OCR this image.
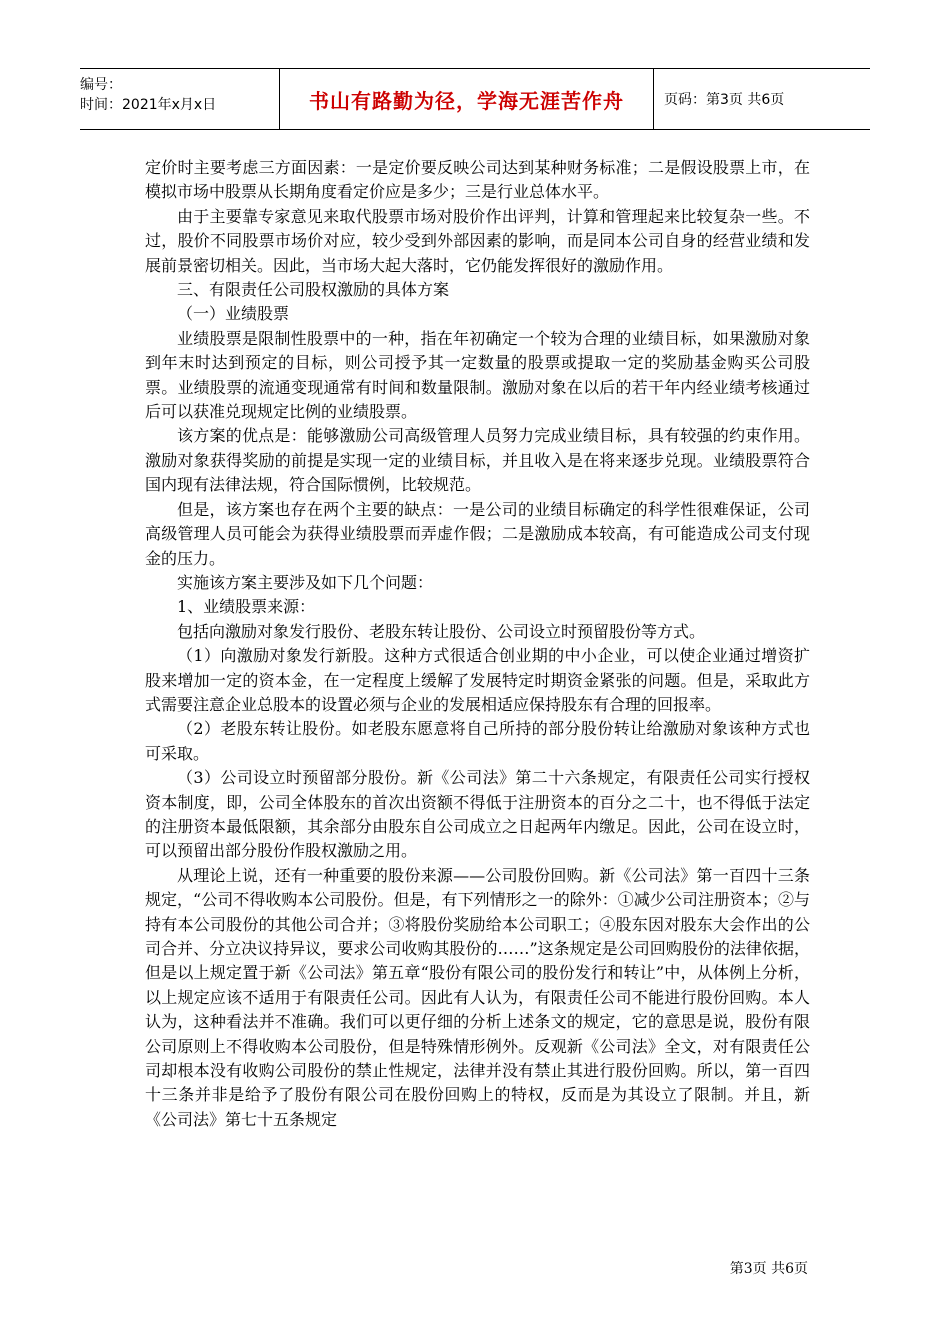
编号：
时间：2021年x月x日	书山有路勤为径，学海无涯苦作舟	页码：第3页 共6页

定价时主要考虑三方面因素：一是定价要反映公司达到某种财务标准；二是假设股票上市，在模拟市场中股票从长期角度看定价应是多少；三是行业总体水平。

由于主要靠专家意见来取代股票市场对股价作出评判，计算和管理起来比较复杂一些。不过，股价不同股票市场价对应，较少受到外部因素的影响，而是同本公司自身的经营业绩和发展前景密切相关。因此，当市场大起大落时，它仍能发挥很好的激励作用。

三、有限责任公司股权激励的具体方案

（一）业绩股票

业绩股票是限制性股票中的一种，指在年初确定一个较为合理的业绩目标，如果激励对象到年末时达到预定的目标，则公司授予其一定数量的股票或提取一定的奖励基金购买公司股票。业绩股票的流通变现通常有时间和数量限制。激励对象在以后的若干年内经业绩考核通过后可以获准兑现规定比例的业绩股票。

该方案的优点是：能够激励公司高级管理人员努力完成业绩目标，具有较强的约束作用。激励对象获得奖励的前提是实现一定的业绩目标，并且收入是在将来逐步兑现。业绩股票符合国内现有法律法规，符合国际惯例，比较规范。

但是，该方案也存在两个主要的缺点：一是公司的业绩目标确定的科学性很难保证，公司高级管理人员可能会为获得业绩股票而弄虚作假；二是激励成本较高，有可能造成公司支付现金的压力。

实施该方案主要涉及如下几个问题：

1、业绩股票来源：

包括向激励对象发行股份、老股东转让股份、公司设立时预留股份等方式。

（1）向激励对象发行新股。这种方式很适合创业期的中小企业，可以使企业通过增资扩股来增加一定的资本金，在一定程度上缓解了发展特定时期资金紧张的问题。但是，采取此方式需要注意企业总股本的设置必须与企业的发展相适应保持股东有合理的回报率。

（2）老股东转让股份。如老股东愿意将自己所持的部分股份转让给激励对象该种方式也可采取。

（3）公司设立时预留部分股份。新《公司法》第二十六条规定，有限责任公司实行授权资本制度，即，公司全体股东的首次出资额不得低于注册资本的百分之二十，也不得低于法定的注册资本最低限额，其余部分由股东自公司成立之日起两年内缴足。因此，公司在设立时，可以预留出部分股份作股权激励之用。

从理论上说，还有一种重要的股份来源——公司股份回购。新《公司法》第一百四十三条规定，“公司不得收购本公司股份。但是，有下列情形之一的除外：①减少公司注册资本；②与持有本公司股份的其他公司合并；③将股份奖励给本公司职工；④股东因对股东大会作出的公司合并、分立决议持异议，要求公司收购其股份的……”这条规定是公司回购股份的法律依据，但是以上规定置于新《公司法》第五章“股份有限公司的股份发行和转让”中，从体例上分析，以上规定应该不适用于有限责任公司。因此有人认为，有限责任公司不能进行股份回购。本人认为，这种看法并不准确。我们可以更仔细的分析上述条文的规定，它的意思是说，股份有限公司原则上不得收购本公司股份，但是特殊情形例外。反观新《公司法》全文，对有限责任公司却根本没有收购公司股份的禁止性规定，法律并没有禁止其进行股份回购。所以，第一百四十三条并非是给予了股份有限公司在股份回购上的特权，反而是为其设立了限制。并且，新《公司法》第七十五条规定

第3页 共6页
